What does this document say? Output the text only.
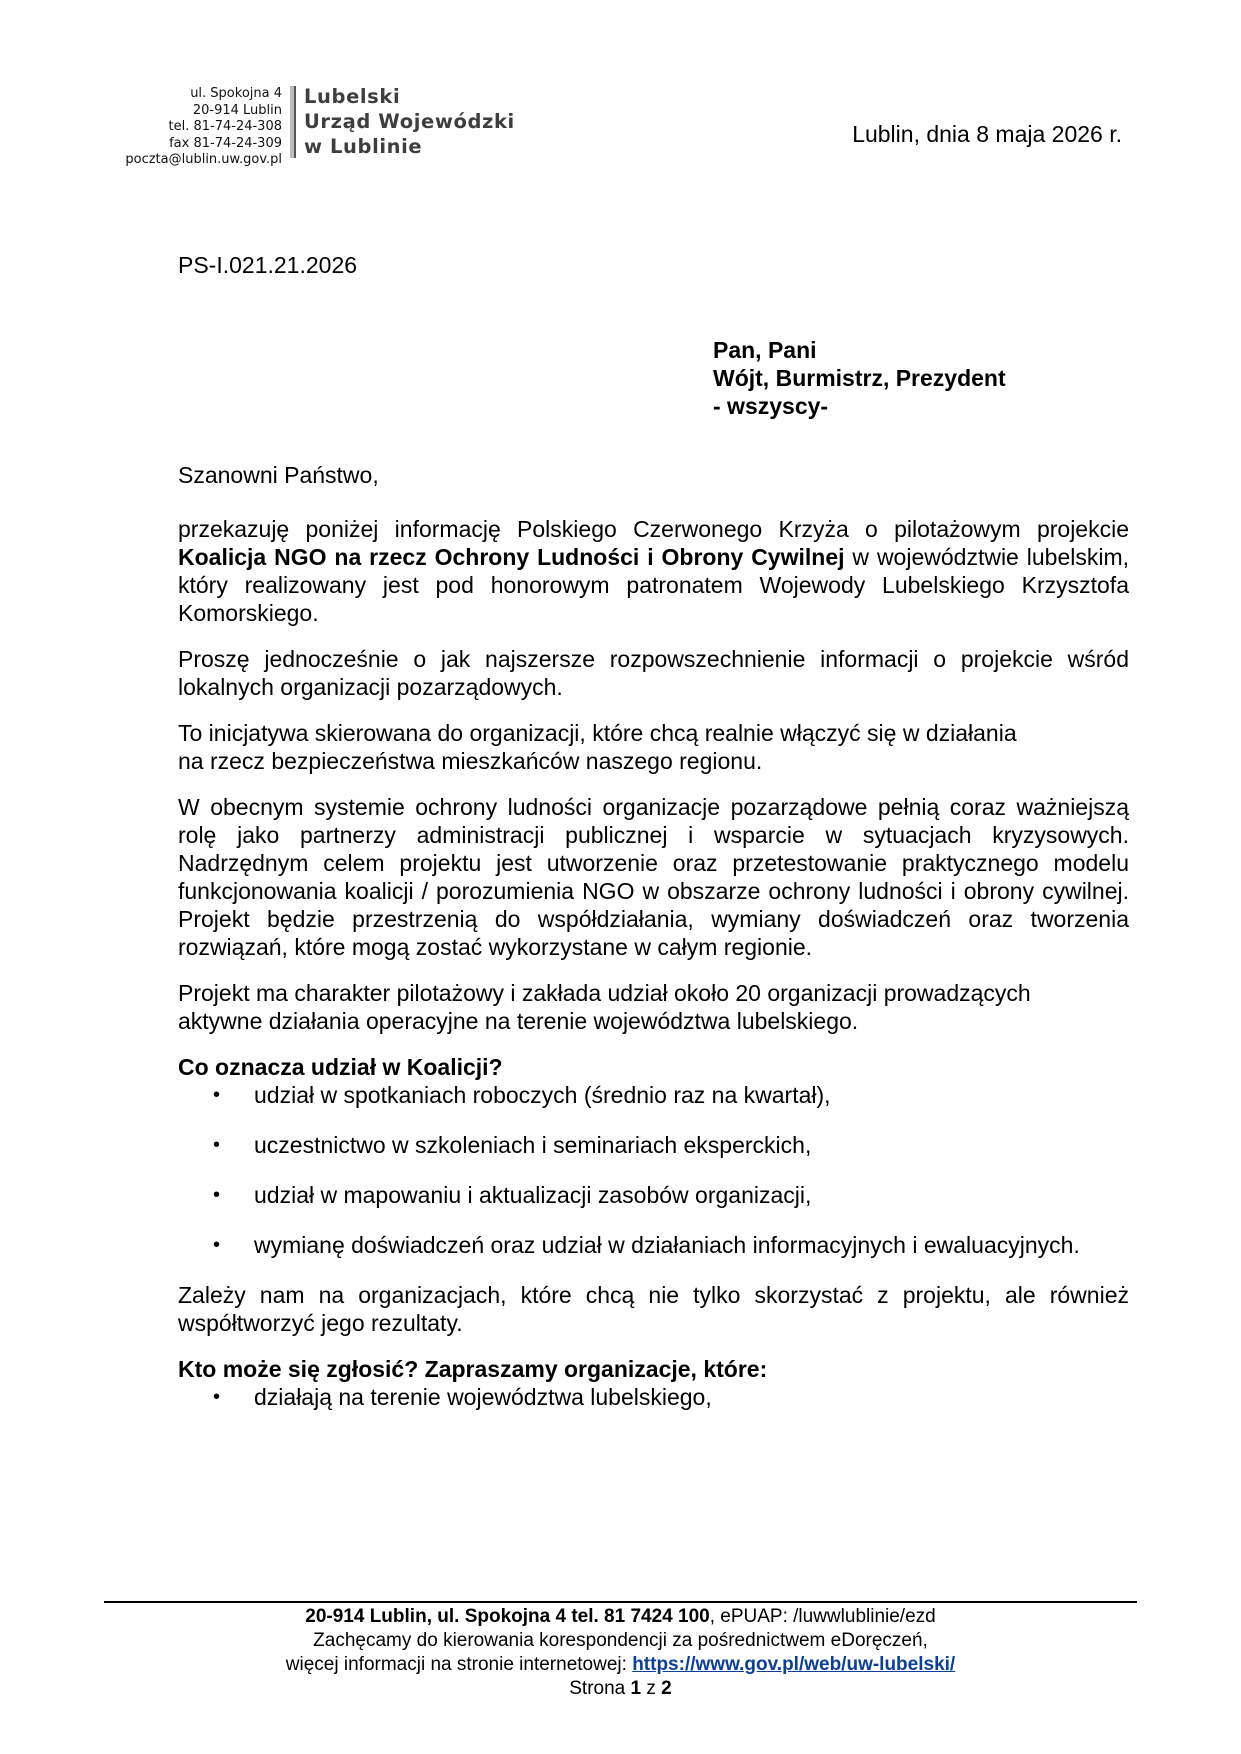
ul. Spokojna 4
20-914 Lublin
tel. 81-74-24-308
fax 81-74-24-309
poczta@lublin.uw.gov.pl
Lubelski
Urząd Wojewódzki
w Lublinie	Lublin, dnia 8 maja 2026 r.
PS-I.021.21.2026
Pan, Pani
Wójt, Burmistrz, Prezydent
- wszyscy-

Szanowni Państwo,

przekazuję poniżej informację Polskiego Czerwonego Krzyża o pilotażowym projekcie Koalicja NGO na rzecz Ochrony Ludności i Obrony Cywilnej w województwie lubelskim, który realizowany jest pod honorowym patronatem Wojewody Lubelskiego Krzysztofa Komorskiego.

Proszę jednocześnie o jak najszersze rozpowszechnienie informacji o projekcie wśród lokalnych organizacji pozarządowych.

To inicjatywa skierowana do organizacji, które chcą realnie włączyć się w działania
na rzecz bezpieczeństwa mieszkańców naszego regionu.

W obecnym systemie ochrony ludności organizacje pozarządowe pełnią coraz ważniejszą rolę jako partnerzy administracji publicznej i wsparcie w sytuacjach kryzysowych. Nadrzędnym celem projektu jest utworzenie oraz przetestowanie praktycznego modelu funkcjonowania koalicji / porozumienia NGO w obszarze ochrony ludności i obrony cywilnej. Projekt będzie przestrzenią do współdziałania, wymiany doświadczeń oraz tworzenia rozwiązań, które mogą zostać wykorzystane w całym regionie.

Projekt ma charakter pilotażowy i zakłada udział około 20 organizacji prowadzących
aktywne działania operacyjne na terenie województwa lubelskiego.

Co oznacza udział w Koalicji?

• udział w spotkaniach roboczych (średnio raz na kwartał),
• uczestnictwo w szkoleniach i seminariach eksperckich,
• udział w mapowaniu i aktualizacji zasobów organizacji,
• wymianę doświadczeń oraz udział w działaniach informacyjnych i ewaluacyjnych.

Zależy nam na organizacjach, które chcą nie tylko skorzystać z projektu, ale również współtworzyć jego rezultaty.

Kto może się zgłosić? Zapraszamy organizacje, które:

• działają na terenie województwa lubelskiego,
20-914 Lublin, ul. Spokojna 4 tel. 81 7424 100, ePUAP: /luwwlublinie/ezd
Zachęcamy do kierowania korespondencji za pośrednictwem eDoręczeń,
więcej informacji na stronie internetowej: https://www.gov.pl/web/uw-lubelski/
Strona 1 z 2
